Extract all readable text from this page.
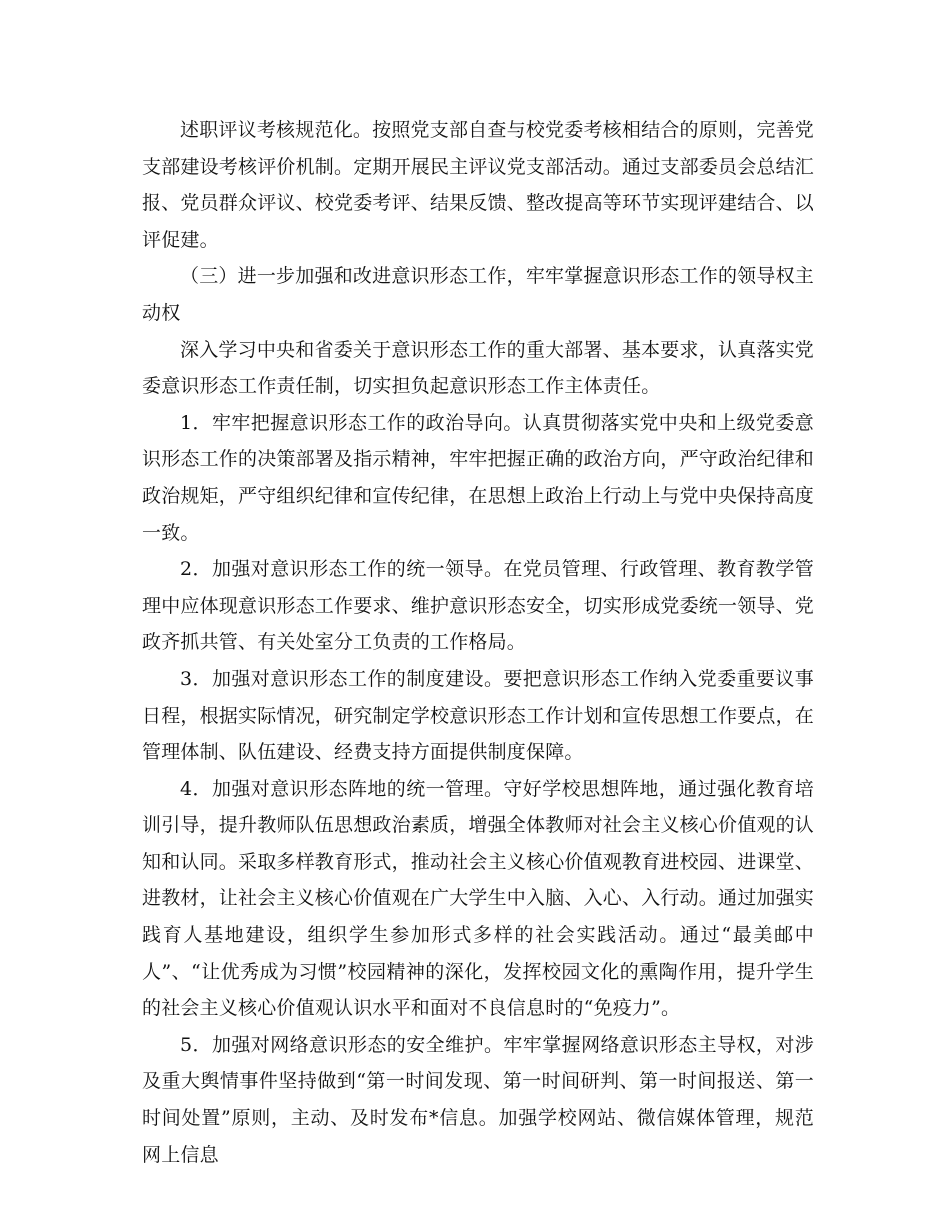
述职评议考核规范化。按照党支部自查与校党委考核相结合的原则，完善党支部建设考核评价机制。定期开展民主评议党支部活动。通过支部委员会总结汇报、党员群众评议、校党委考评、结果反馈、整改提高等环节实现评建结合、以评促建。

（三）进一步加强和改进意识形态工作，牢牢掌握意识形态工作的领导权主动权

深入学习中央和省委关于意识形态工作的重大部署、基本要求，认真落实党委意识形态工作责任制，切实担负起意识形态工作主体责任。

1．牢牢把握意识形态工作的政治导向。认真贯彻落实党中央和上级党委意识形态工作的决策部署及指示精神，牢牢把握正确的政治方向，严守政治纪律和政治规矩，严守组织纪律和宣传纪律，在思想上政治上行动上与党中央保持高度一致。

2．加强对意识形态工作的统一领导。在党员管理、行政管理、教育教学管理中应体现意识形态工作要求、维护意识形态安全，切实形成党委统一领导、党政齐抓共管、有关处室分工负责的工作格局。

3．加强对意识形态工作的制度建设。要把意识形态工作纳入党委重要议事日程，根据实际情况，研究制定学校意识形态工作计划和宣传思想工作要点，在管理体制、队伍建设、经费支持方面提供制度保障。

4．加强对意识形态阵地的统一管理。守好学校思想阵地，通过强化教育培训引导，提升教师队伍思想政治素质，增强全体教师对社会主义核心价值观的认知和认同。采取多样教育形式，推动社会主义核心价值观教育进校园、进课堂、进教材，让社会主义核心价值观在广大学生中入脑、入心、入行动。通过加强实践育人基地建设，组织学生参加形式多样的社会实践活动。通过“最美邮中人”、“让优秀成为习惯”校园精神的深化，发挥校园文化的熏陶作用，提升学生的社会主义核心价值观认识水平和面对不良信息时的“免疫力”。

5．加强对网络意识形态的安全维护。牢牢掌握网络意识形态主导权，对涉及重大舆情事件坚持做到“第一时间发现、第一时间研判、第一时间报送、第一时间处置”原则，主动、及时发布*信息。加强学校网站、微信媒体管理，规范网上信息
